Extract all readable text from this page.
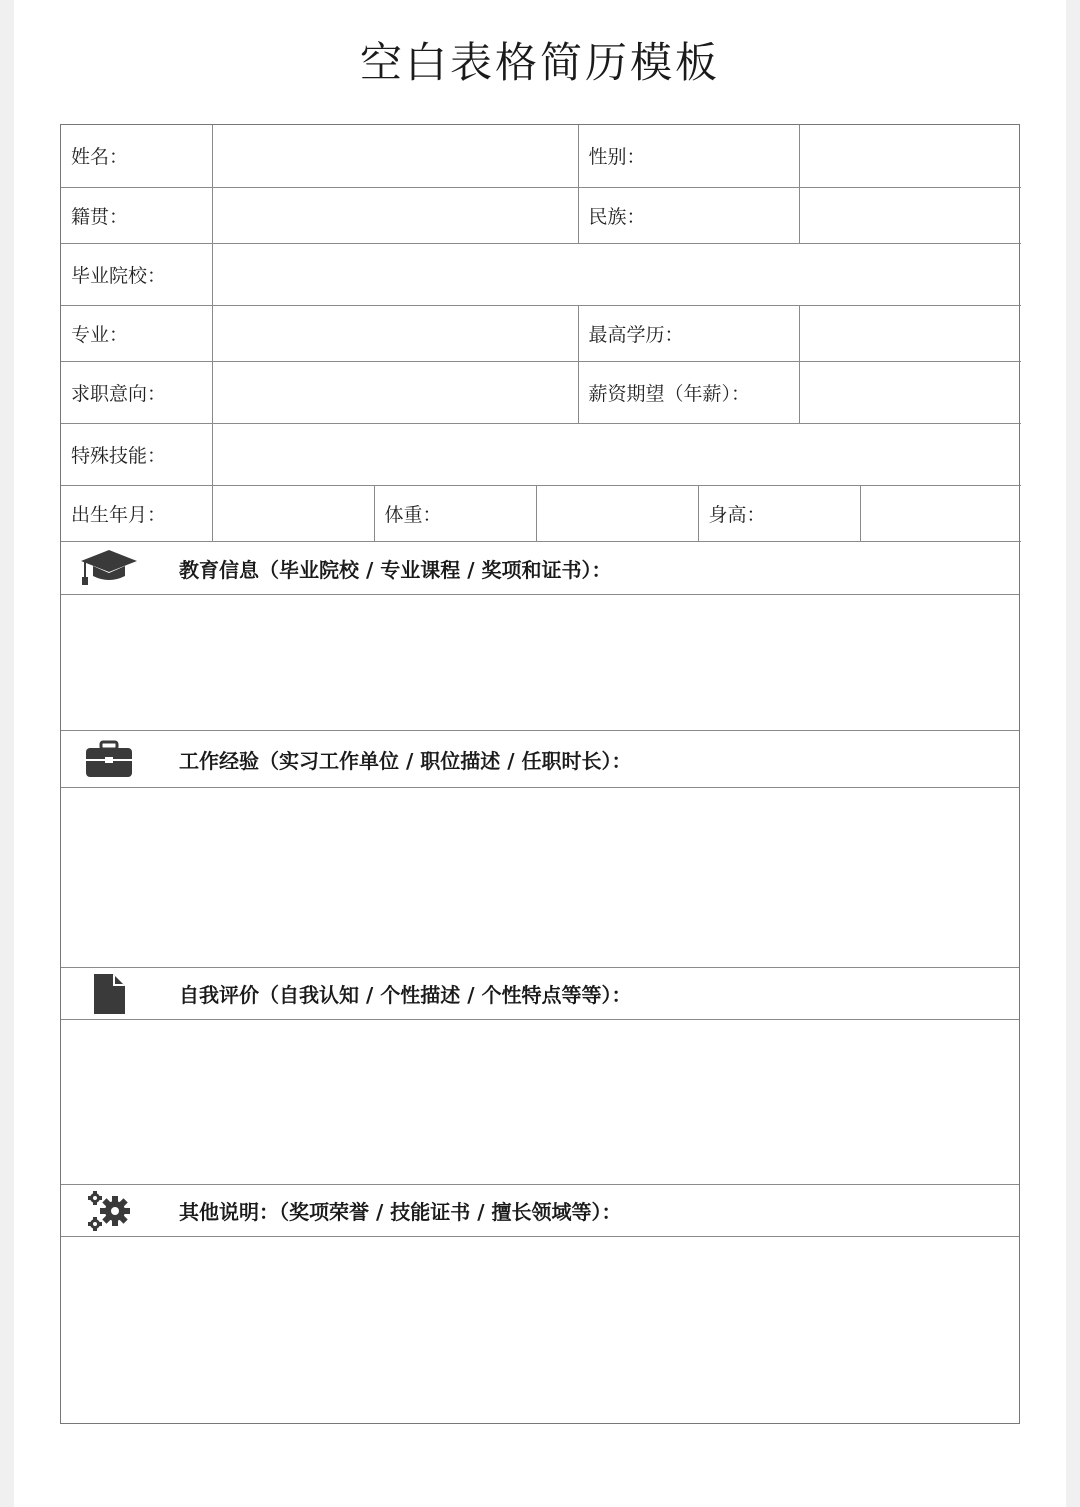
空白表格简历模板
姓名：		性别：	
籍贯：		民族：	
毕业院校：			
专业：		最高学历：	
求职意向：		薪资期望（年薪）：	
特殊技能：			
出生年月：		体重：		身高：	
教育信息（毕业院校 / 专业课程 / 奖项和证书）：
工作经验（实习工作单位 / 职位描述 / 任职时长）：
自我评价（自我认知 / 个性描述 / 个性特点等等）：
其他说明：（奖项荣誉 / 技能证书 / 擅长领域等）：
